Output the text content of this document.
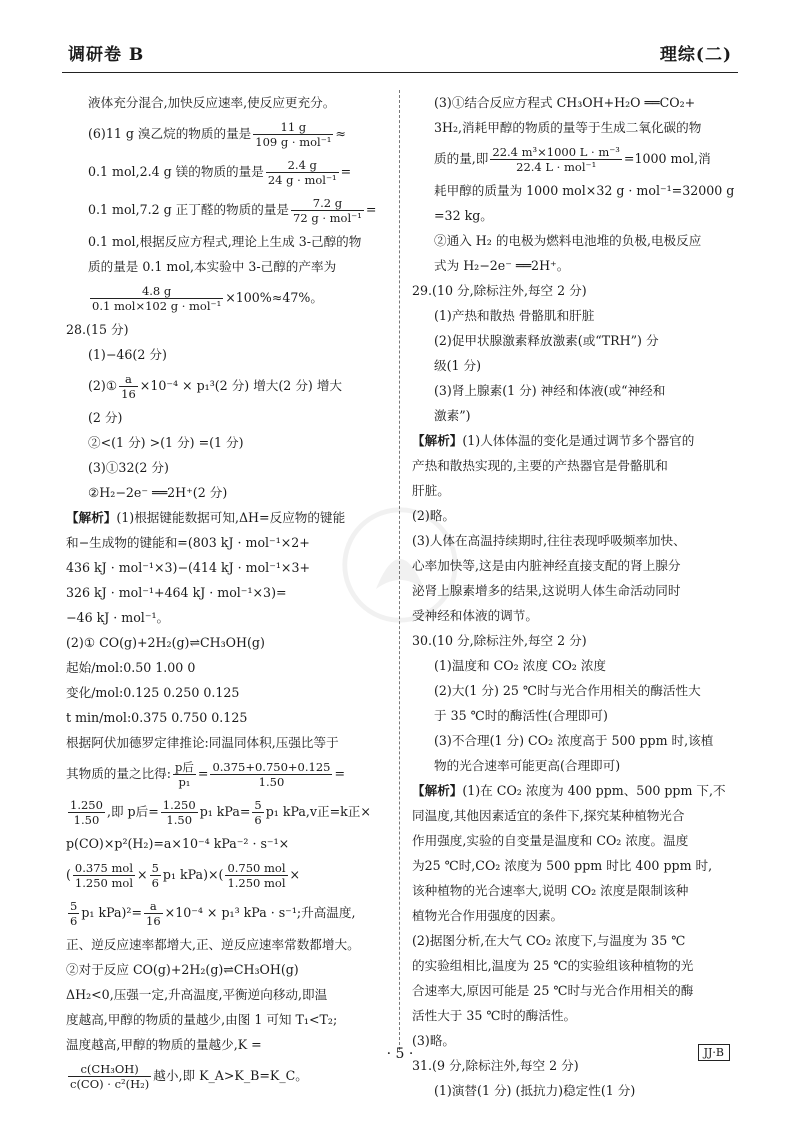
调研卷 B	理综(二)
液体充分混合,加快反应速率,使反应更充分。
(6)11 g 溴乙烷的物质的量是 $\frac{11 g}{\text{109 g · mol⁻¹}}$ ≈
0.1 mol,2.4 g 镁的物质的量是 $\frac{2.4 g}{\text{24 g · mol⁻¹}}$ =
0.1 mol,7.2 g 正丁醛的物质的量是 $\frac{7.2 g}{\text{72 g · mol⁻¹}}$ =
0.1 mol,根据反应方程式,理论上生成 3-己醇的物
质的量是 0.1 mol,本实验中 3-己醇的产率为
$\frac{4.8 g}{\text{0.1 mol×102 g · mol⁻¹}} \times 100\%\approx 47\%$。
28.(15 分)
(1)−46(2 分)
(2)① $\frac{a}{16} \times 10^{-4} \times p_1^3(2$ 分) 增大(2 分) 增大
(2 分)
②<(1 分) >(1 分) =(1 分)
(3)①32(2 分)
②H₂−2e⁻ ══2H⁺(2 分)
【解析】(1)根据键能数据可知,ΔH=反应物的键能
和−生成物的键能和=(803 kJ · mol⁻¹×2+
436 kJ · mol⁻¹×3)−(414 kJ · mol⁻¹×3+
326 kJ · mol⁻¹+464 kJ · mol⁻¹×3)=
−46 kJ · mol⁻¹。
(2)① CO(g)+2H₂(g)⇌CH₃OH(g)
起始/mol:0.50 1.00 0
变化/mol:0.125 0.250 0.125
t min/mol:0.375 0.750 0.125
根据阿伏加德罗定律推论:同温同体积,压强比等于
其物质的量之比得: $\frac{\text{p后}}{\text{p₁}} = \frac{0.375+0.750+0.125}{1.50}$ =
$\frac{1.250}{1.50}$ ,即 p后= $\frac{1.250}{1.50} p_1$ $kPa= \frac{5}{6} p_1$ kPa,v正=k正×
p(CO)×p²(H₂)=a×10⁻⁴ kPa⁻² · s⁻¹×
( $\frac{\text{0.375 mol}}{\text{1.250 mol}} \times \frac{5}{6} p_1$ $kPa)\times( \frac{\text{0.750 mol}}{\text{1.250 mol}}$ ×
$\frac{5}{6} p_1$ $kPa)^2= \frac{a}{16} \times 10^{-4} \times p_1^3$ kPa · s⁻¹;升高温度,
正、逆反应速率都增大,正、逆反应速率常数都增大。
②对于反应 CO(g)+2H₂(g)⇌CH₃OH(g)
ΔH₂<0,压强一定,升高温度,平衡逆向移动,即温
度越高,甲醇的物质的量越少,由图 1 可知 T₁<T₂;
温度越高,甲醇的物质的量越少,K =
$\frac{\text{c(CH₃OH)}}{\text{c(CO) · c²(H₂)}}$ 越小,即 K_A>K_B=K_C。
(3)①结合反应方程式 CH₃OH+H₂O ══CO₂+
3H₂,消耗甲醇的物质的量等于生成二氧化碳的物
质的量,即 $\frac{\text{22.4 m³×1000 L · m⁻³}}{\text{22.4 L · mol⁻¹}} =1000$ mol,消
耗甲醇的质量为 1000 mol×32 g · mol⁻¹=32000 g
=32 kg。
②通入 H₂ 的电极为燃料电池堆的负极,电极反应
式为 H₂−2e⁻ ══2H⁺。
29.(10 分,除标注外,每空 2 分)
(1)产热和散热 骨骼肌和肝脏
(2)促甲状腺激素释放激素(或“TRH”) 分
级(1 分)
(3)肾上腺素(1 分) 神经和体液(或“神经和
激素”)
【解析】(1)人体体温的变化是通过调节多个器官的
产热和散热实现的,主要的产热器官是骨骼肌和
肝脏。
(2)略。
(3)人体在高温持续期时,往往表现呼吸频率加快、
心率加快等,这是由内脏神经直接支配的肾上腺分
泌肾上腺素增多的结果,这说明人体生命活动同时
受神经和体液的调节。
30.(10 分,除标注外,每空 2 分)
(1)温度和 CO₂ 浓度 CO₂ 浓度
(2)大(1 分) 25 ℃时与光合作用相关的酶活性大
于 35 ℃时的酶活性(合理即可)
(3)不合理(1 分) CO₂ 浓度高于 500 ppm 时,该植
物的光合速率可能更高(合理即可)
【解析】(1)在 CO₂ 浓度为 400 ppm、500 ppm 下,不
同温度,其他因素适宜的条件下,探究某种植物光合
作用强度,实验的自变量是温度和 CO₂ 浓度。温度
为25 ℃时,CO₂ 浓度为 500 ppm 时比 400 ppm 时,
该种植物的光合速率大,说明 CO₂ 浓度是限制该种
植物光合作用强度的因素。
(2)据图分析,在大气 CO₂ 浓度下,与温度为 35 ℃
的实验组相比,温度为 25 ℃的实验组该种植物的光
合速率大,原因可能是 25 ℃时与光合作用相关的酶
活性大于 35 ℃时的酶活性。
(3)略。
31.(9 分,除标注外,每空 2 分)
(1)演替(1 分) (抵抗力)稳定性(1 分)
· 5 ·	JJ·B
